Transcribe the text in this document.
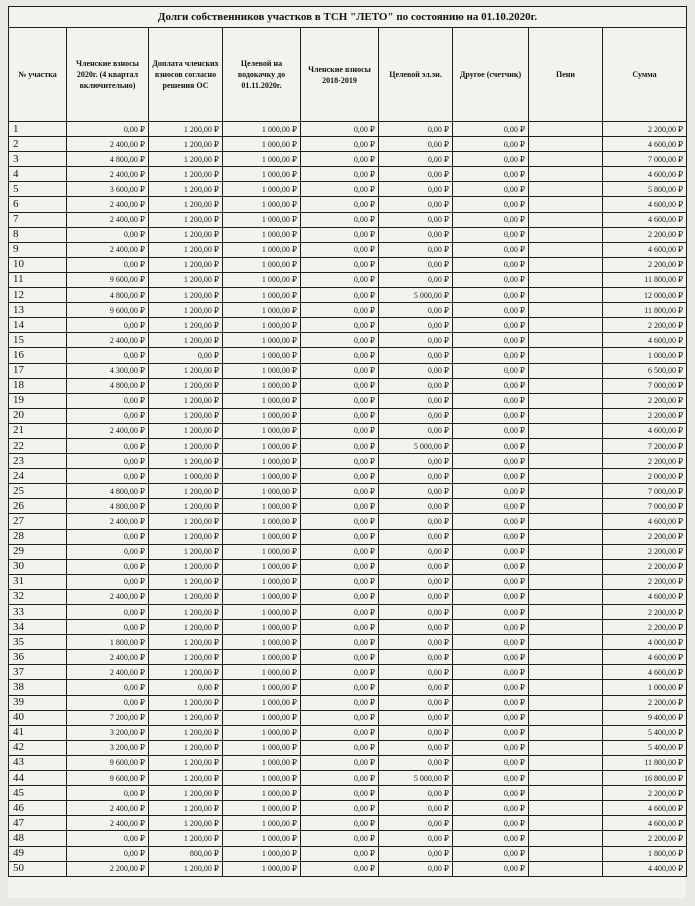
Долги собственников участков в ТСН "ЛЕТО" по состоянию на 01.10.2020г.								
№ участка	Членские взносы 2020г. (4 квартал включительно)	Доплата членских взносов согласно решения ОС	Целевой на водокачку до 01.11.2020г.	Членские взносы 2018-2019	Целевой эл.эн.	Другое (счетчик)	Пени	Сумма
1	0,00 ₽	1 200,00 ₽	1 000,00 ₽	0,00 ₽	0,00 ₽	0,00 ₽		2 200,00 ₽
2	2 400,00 ₽	1 200,00 ₽	1 000,00 ₽	0,00 ₽	0,00 ₽	0,00 ₽		4 600,00 ₽
3	4 800,00 ₽	1 200,00 ₽	1 000,00 ₽	0,00 ₽	0,00 ₽	0,00 ₽		7 000,00 ₽
4	2 400,00 ₽	1 200,00 ₽	1 000,00 ₽	0,00 ₽	0,00 ₽	0,00 ₽		4 600,00 ₽
5	3 600,00 ₽	1 200,00 ₽	1 000,00 ₽	0,00 ₽	0,00 ₽	0,00 ₽		5 800,00 ₽
6	2 400,00 ₽	1 200,00 ₽	1 000,00 ₽	0,00 ₽	0,00 ₽	0,00 ₽		4 600,00 ₽
7	2 400,00 ₽	1 200,00 ₽	1 000,00 ₽	0,00 ₽	0,00 ₽	0,00 ₽		4 600,00 ₽
8	0,00 ₽	1 200,00 ₽	1 000,00 ₽	0,00 ₽	0,00 ₽	0,00 ₽		2 200,00 ₽
9	2 400,00 ₽	1 200,00 ₽	1 000,00 ₽	0,00 ₽	0,00 ₽	0,00 ₽		4 600,00 ₽
10	0,00 ₽	1 200,00 ₽	1 000,00 ₽	0,00 ₽	0,00 ₽	0,00 ₽		2 200,00 ₽
11	9 600,00 ₽	1 200,00 ₽	1 000,00 ₽	0,00 ₽	0,00 ₽	0,00 ₽		11 800,00 ₽
12	4 800,00 ₽	1 200,00 ₽	1 000,00 ₽	0,00 ₽	5 000,00 ₽	0,00 ₽		12 000,00 ₽
13	9 600,00 ₽	1 200,00 ₽	1 000,00 ₽	0,00 ₽	0,00 ₽	0,00 ₽		11 800,00 ₽
14	0,00 ₽	1 200,00 ₽	1 000,00 ₽	0,00 ₽	0,00 ₽	0,00 ₽		2 200,00 ₽
15	2 400,00 ₽	1 200,00 ₽	1 000,00 ₽	0,00 ₽	0,00 ₽	0,00 ₽		4 600,00 ₽
16	0,00 ₽	0,00 ₽	1 000,00 ₽	0,00 ₽	0,00 ₽	0,00 ₽		1 000,00 ₽
17	4 300,00 ₽	1 200,00 ₽	1 000,00 ₽	0,00 ₽	0,00 ₽	0,00 ₽		6 500,00 ₽
18	4 800,00 ₽	1 200,00 ₽	1 000,00 ₽	0,00 ₽	0,00 ₽	0,00 ₽		7 000,00 ₽
19	0,00 ₽	1 200,00 ₽	1 000,00 ₽	0,00 ₽	0,00 ₽	0,00 ₽		2 200,00 ₽
20	0,00 ₽	1 200,00 ₽	1 000,00 ₽	0,00 ₽	0,00 ₽	0,00 ₽		2 200,00 ₽
21	2 400,00 ₽	1 200,00 ₽	1 000,00 ₽	0,00 ₽	0,00 ₽	0,00 ₽		4 600,00 ₽
22	0,00 ₽	1 200,00 ₽	1 000,00 ₽	0,00 ₽	5 000,00 ₽	0,00 ₽		7 200,00 ₽
23	0,00 ₽	1 200,00 ₽	1 000,00 ₽	0,00 ₽	0,00 ₽	0,00 ₽		2 200,00 ₽
24	0,00 ₽	1 000,00 ₽	1 000,00 ₽	0,00 ₽	0,00 ₽	0,00 ₽		2 000,00 ₽
25	4 800,00 ₽	1 200,00 ₽	1 000,00 ₽	0,00 ₽	0,00 ₽	0,00 ₽		7 000,00 ₽
26	4 800,00 ₽	1 200,00 ₽	1 000,00 ₽	0,00 ₽	0,00 ₽	0,00 ₽		7 000,00 ₽
27	2 400,00 ₽	1 200,00 ₽	1 000,00 ₽	0,00 ₽	0,00 ₽	0,00 ₽		4 600,00 ₽
28	0,00 ₽	1 200,00 ₽	1 000,00 ₽	0,00 ₽	0,00 ₽	0,00 ₽		2 200,00 ₽
29	0,00 ₽	1 200,00 ₽	1 000,00 ₽	0,00 ₽	0,00 ₽	0,00 ₽		2 200,00 ₽
30	0,00 ₽	1 200,00 ₽	1 000,00 ₽	0,00 ₽	0,00 ₽	0,00 ₽		2 200,00 ₽
31	0,00 ₽	1 200,00 ₽	1 000,00 ₽	0,00 ₽	0,00 ₽	0,00 ₽		2 200,00 ₽
32	2 400,00 ₽	1 200,00 ₽	1 000,00 ₽	0,00 ₽	0,00 ₽	0,00 ₽		4 600,00 ₽
33	0,00 ₽	1 200,00 ₽	1 000,00 ₽	0,00 ₽	0,00 ₽	0,00 ₽		2 200,00 ₽
34	0,00 ₽	1 200,00 ₽	1 000,00 ₽	0,00 ₽	0,00 ₽	0,00 ₽		2 200,00 ₽
35	1 800,00 ₽	1 200,00 ₽	1 000,00 ₽	0,00 ₽	0,00 ₽	0,00 ₽		4 000,00 ₽
36	2 400,00 ₽	1 200,00 ₽	1 000,00 ₽	0,00 ₽	0,00 ₽	0,00 ₽		4 600,00 ₽
37	2 400,00 ₽	1 200,00 ₽	1 000,00 ₽	0,00 ₽	0,00 ₽	0,00 ₽		4 600,00 ₽
38	0,00 ₽	0,00 ₽	1 000,00 ₽	0,00 ₽	0,00 ₽	0,00 ₽		1 000,00 ₽
39	0,00 ₽	1 200,00 ₽	1 000,00 ₽	0,00 ₽	0,00 ₽	0,00 ₽		2 200,00 ₽
40	7 200,00 ₽	1 200,00 ₽	1 000,00 ₽	0,00 ₽	0,00 ₽	0,00 ₽		9 400,00 ₽
41	3 200,00 ₽	1 200,00 ₽	1 000,00 ₽	0,00 ₽	0,00 ₽	0,00 ₽		5 400,00 ₽
42	3 200,00 ₽	1 200,00 ₽	1 000,00 ₽	0,00 ₽	0,00 ₽	0,00 ₽		5 400,00 ₽
43	9 600,00 ₽	1 200,00 ₽	1 000,00 ₽	0,00 ₽	0,00 ₽	0,00 ₽		11 800,00 ₽
44	9 600,00 ₽	1 200,00 ₽	1 000,00 ₽	0,00 ₽	5 000,00 ₽	0,00 ₽		16 800,00 ₽
45	0,00 ₽	1 200,00 ₽	1 000,00 ₽	0,00 ₽	0,00 ₽	0,00 ₽		2 200,00 ₽
46	2 400,00 ₽	1 200,00 ₽	1 000,00 ₽	0,00 ₽	0,00 ₽	0,00 ₽		4 600,00 ₽
47	2 400,00 ₽	1 200,00 ₽	1 000,00 ₽	0,00 ₽	0,00 ₽	0,00 ₽		4 600,00 ₽
48	0,00 ₽	1 200,00 ₽	1 000,00 ₽	0,00 ₽	0,00 ₽	0,00 ₽		2 200,00 ₽
49	0,00 ₽	800,00 ₽	1 000,00 ₽	0,00 ₽	0,00 ₽	0,00 ₽		1 800,00 ₽
50	2 200,00 ₽	1 200,00 ₽	1 000,00 ₽	0,00 ₽	0,00 ₽	0,00 ₽		4 400,00 ₽
